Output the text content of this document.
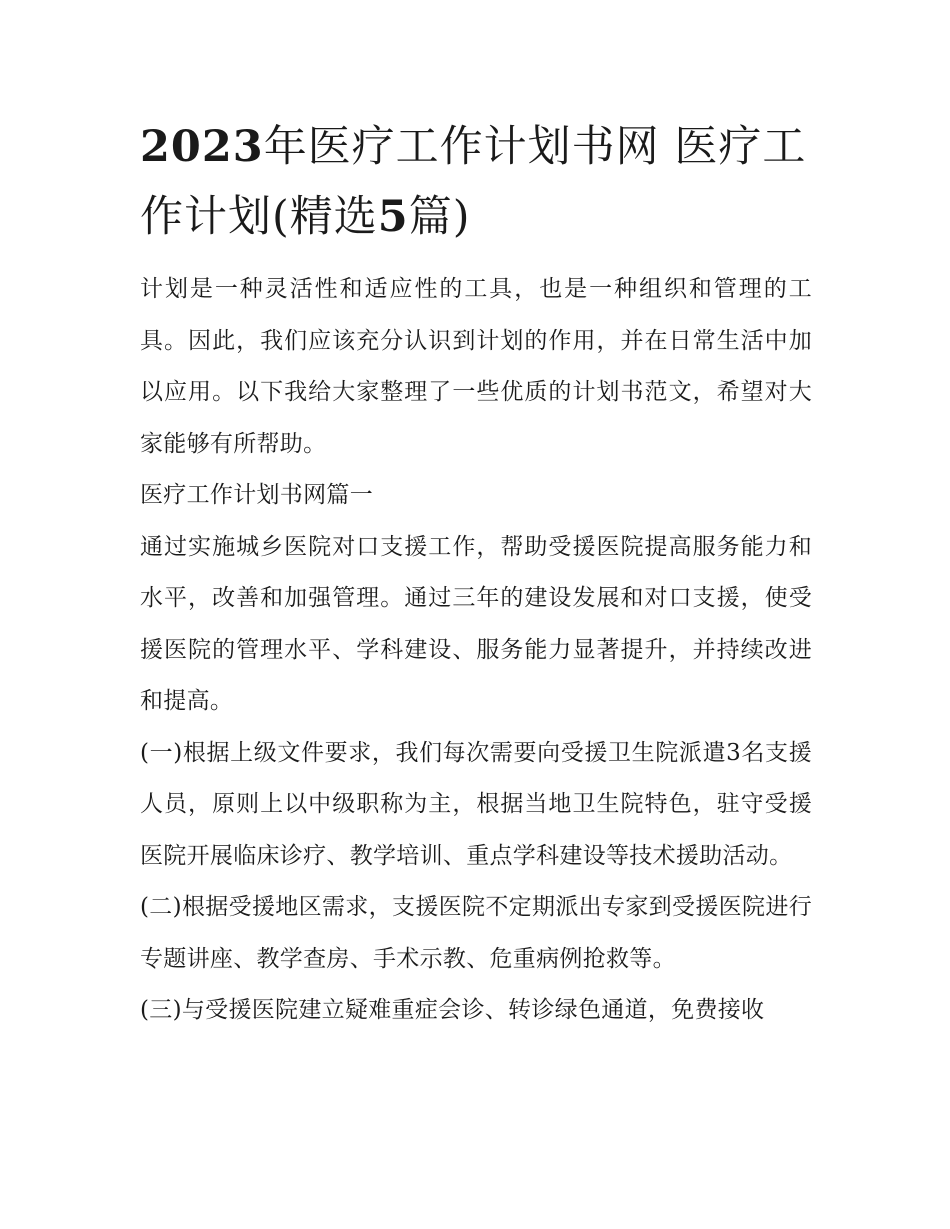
2023年医疗工作计划书网 医疗工作计划(精选5篇)

计划是一种灵活性和适应性的工具，也是一种组织和管理的工具。因此，我们应该充分认识到计划的作用，并在日常生活中加以应用。以下我给大家整理了一些优质的计划书范文，希望对大家能够有所帮助。

医疗工作计划书网篇一

通过实施城乡医院对口支援工作，帮助受援医院提高服务能力和水平，改善和加强管理。通过三年的建设发展和对口支援，使受援医院的管理水平、学科建设、服务能力显著提升，并持续改进和提高。

(一)根据上级文件要求，我们每次需要向受援卫生院派遣3名支援人员，原则上以中级职称为主，根据当地卫生院特色，驻守受援医院开展临床诊疗、教学培训、重点学科建设等技术援助活动。

(二)根据受援地区需求，支援医院不定期派出专家到受援医院进行专题讲座、教学查房、手术示教、危重病例抢救等。

(三)与受援医院建立疑难重症会诊、转诊绿色通道，免费接收
